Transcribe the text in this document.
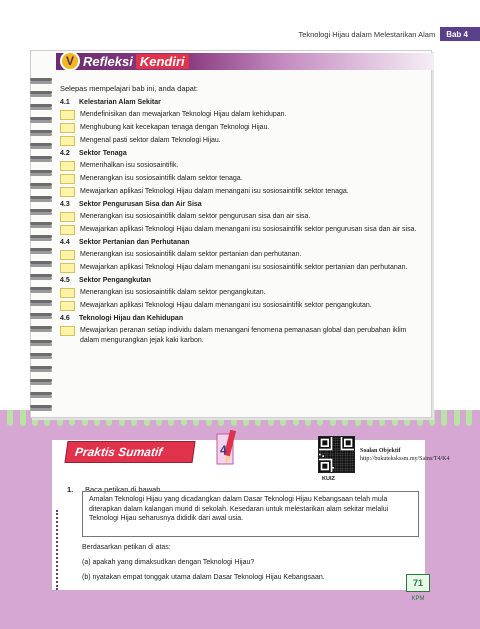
Teknologi Hijau dalam Melestarikan Alam	Bab 4
V Refleksi Kendiri
Selepas mempelajari bab ini, anda dapat:
4.1	Kelestarian Alam Sekitar
Mendefinisikan dan mewajarkan Teknologi Hijau dalam kehidupan.
Menghubung kait kecekapan tenaga dengan Teknologi Hijau.
Mengenal pasti sektor dalam Teknologi Hijau.
4.2	Sektor Tenaga
Memerihalkan isu sosiosaintifik.
Menerangkan isu sosiosaintifik dalam sektor tenaga.
Mewajarkan aplikasi Teknologi Hijau dalam menangani isu sosiosaintifik sektor tenaga.
4.3	Sektor Pengurusan Sisa dan Air Sisa
Menerangkan isu sosiosaintifik dalam sektor pengurusan sisa dan air sisa.
Mewajarkan aplikasi Teknologi Hijau dalam menangani isu sosiosaintifik sektor pengurusan sisa dan air sisa.
4.4	Sektor Pertanian dan Perhutanan
Menerangkan isu sosiosaintifik dalam sektor pertanian dan perhutanan.
Mewajarkan aplikasi Teknologi Hijau dalam menangani isu sosiosaintifik sektor pertanian dan perhutanan.
4.5	Sektor Pengangkutan
Menerangkan isu sosiosaintifik dalam sektor pengangkutan.
Mewajarkan aplikasi Teknologi Hijau dalam menangani isu sosiosaintifik sektor pengangkutan.
4.6	Teknologi Hijau dan Kehidupan
Mewajarkan peranan setiap individu dalam menangani fenomena pemanasan global dan perubahan iklim dalam mengurangkan jejak kaki karbon.
Praktis Sumatif	4
KUIZ
Soalan Objektif
http://bukutekskssm.my/Sains/T4/K4
1.	Baca petikan di bawah.
Amalan Teknologi Hijau yang dicadangkan dalam Dasar Teknologi Hijau Kebangsaan telah mula diterapkan dalam kalangan murid di sekolah. Kesedaran untuk melestarikan alam sekitar melalui Teknologi Hijau seharusnya dididik dari awal usia.
Berdasarkan petikan di atas:
(a) apakah yang dimaksudkan dengan Teknologi Hijau?
(b) nyatakan empat tonggak utama dalam Dasar Teknologi Hijau Kebangsaan.
71
KPM
